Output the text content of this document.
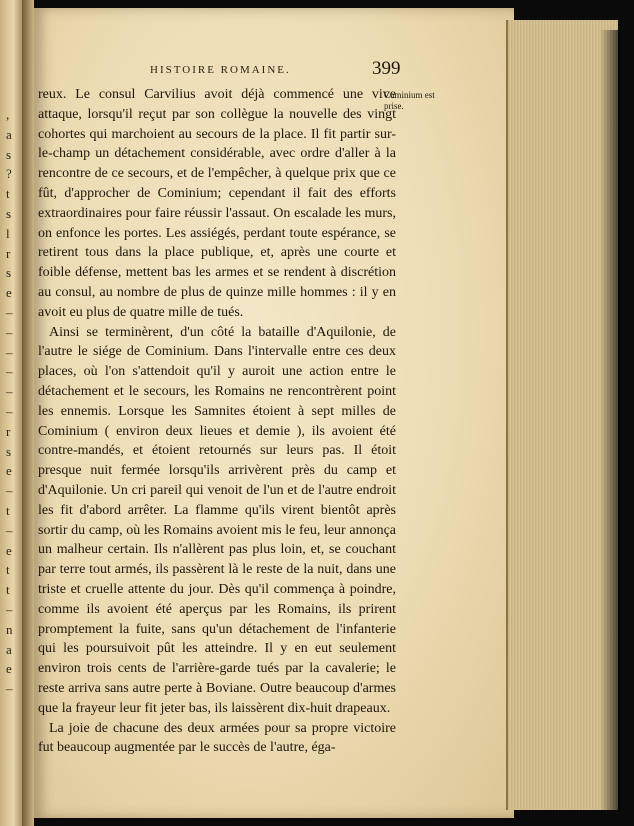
,
a
s
?
t
s
l
r
s
e
–
–
–
–
–
–
r
s
e
–
t
–
e
t
t
–
n
a
e
–
HISTOIRE ROMAINE.	399
Cominium est prise.

reux. Le consul Carvilius avoit déjà commencé une vive attaque, lorsqu'il reçut par son collègue la nouvelle des vingt cohortes qui marchoient au secours de la place. Il fit partir sur-le-champ un détachement considérable, avec ordre d'aller à la rencontre de ce secours, et de l'empêcher, à quelque prix que ce fût, d'approcher de Cominium; cependant il fait des efforts extraordinaires pour faire réussir l'assaut. On escalade les murs, on enfonce les portes. Les assiégés, perdant toute espérance, se retirent tous dans la place publique, et, après une courte et foible défense, mettent bas les armes et se rendent à discrétion au consul, au nombre de plus de quinze mille hommes : il y en avoit eu plus de quatre mille de tués.

Ainsi se terminèrent, d'un côté la bataille d'Aquilonie, de l'autre le siége de Cominium. Dans l'intervalle entre ces deux places, où l'on s'attendoit qu'il y auroit une action entre le détachement et le secours, les Romains ne rencontrèrent point les ennemis. Lorsque les Samnites étoient à sept milles de Cominium ( environ deux lieues et demie ), ils avoient été contre-mandés, et étoient retournés sur leurs pas. Il étoit presque nuit fermée lorsqu'ils arrivèrent près du camp et d'Aquilonie. Un cri pareil qui venoit de l'un et de l'autre endroit les fit d'abord arrêter. La flamme qu'ils virent bientôt après sortir du camp, où les Romains avoient mis le feu, leur annonça un malheur certain. Ils n'allèrent pas plus loin, et, se couchant par terre tout armés, ils passèrent là le reste de la nuit, dans une triste et cruelle attente du jour. Dès qu'il commença à poindre, comme ils avoient été aperçus par les Romains, ils prirent promptement la fuite, sans qu'un détachement de l'infanterie qui les poursuivoit pût les atteindre. Il y en eut seulement environ trois cents de l'arrière-garde tués par la cavalerie; le reste arriva sans autre perte à Boviane. Outre beaucoup d'armes que la frayeur leur fit jeter bas, ils laissèrent dix-huit drapeaux.

La joie de chacune des deux armées pour sa propre victoire fut beaucoup augmentée par le succès de l'autre, éga-
